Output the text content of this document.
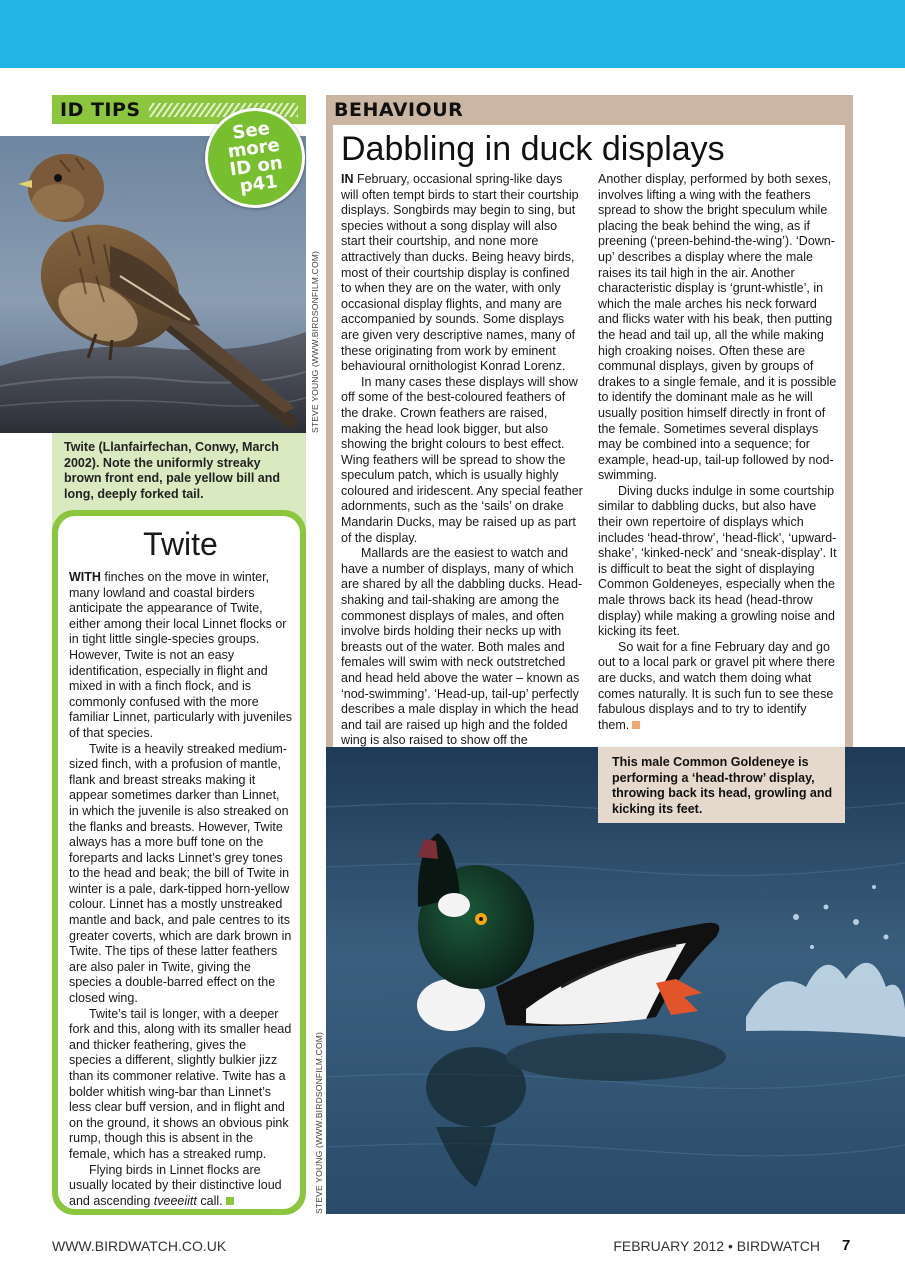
ID TIPS
See more ID on p41
STEVE YOUNG (WWW.BIRDSONFILM.COM)
Twite (Llanfairfechan, Conwy, March 2002). Note the uniformly streaky brown front end, pale yellow bill and long, deeply forked tail.
Twite

WITH finches on the move in winter, many lowland and coastal birders anticipate the appearance of Twite, either among their local Linnet flocks or in tight little single-species groups. However, Twite is not an easy identification, especially in flight and mixed in with a finch flock, and is commonly confused with the more familiar Linnet, particularly with juveniles of that species.

Twite is a heavily streaked medium-sized finch, with a profusion of mantle, flank and breast streaks making it appear sometimes darker than Linnet, in which the juvenile is also streaked on the flanks and breasts. However, Twite always has a more buff tone on the foreparts and lacks Linnet’s grey tones to the head and beak; the bill of Twite in winter is a pale, dark-tipped horn-yellow colour. Linnet has a mostly unstreaked mantle and back, and pale centres to its greater coverts, which are dark brown in Twite. The tips of these latter feathers are also paler in Twite, giving the species a double-barred effect on the closed wing.

Twite’s tail is longer, with a deeper fork and this, along with its smaller head and thicker feathering, gives the species a different, slightly bulkier jizz than its commoner relative. Twite has a bolder whitish wing-bar than Linnet’s less clear buff version, and in flight and on the ground, it shows an obvious pink rump, though this is absent in the female, which has a streaked rump.

Flying birds in Linnet flocks are usually located by their distinctive loud and ascending tveeeiitt call.

BEHAVIOUR
Dabbling in duck displays

IN February, occasional spring-like days will often tempt birds to start their courtship displays. Songbirds may begin to sing, but species without a song display will also start their courtship, and none more attractively than ducks. Being heavy birds, most of their courtship display is confined to when they are on the water, with only occasional display flights, and many are accompanied by sounds. Some displays are given very descriptive names, many of these originating from work by eminent behavioural ornithologist Konrad Lorenz.

In many cases these displays will show off some of the best-coloured feathers of the drake. Crown feathers are raised, making the head look bigger, but also showing the bright colours to best effect. Wing feathers will be spread to show the speculum patch, which is usually highly coloured and iridescent. Any special feather adornments, such as the ‘sails’ on drake Mandarin Ducks, may be raised up as part of the display.

Mallards are the easiest to watch and have a number of displays, many of which are shared by all the dabbling ducks. Head-shaking and tail-shaking are among the commonest displays of males, and often involve birds holding their necks up with breasts out of the water. Both males and females will swim with neck outstretched and head held above the water – known as ‘nod-swimming’. ‘Head-up, tail-up’ perfectly describes a male display in which the head and tail are raised up high and the folded wing is also raised to show off the

Another display, performed by both sexes, involves lifting a wing with the feathers spread to show the bright speculum while placing the beak behind the wing, as if preening (‘preen-behind-the-wing’). ‘Down-up’ describes a display where the male raises its tail high in the air. Another characteristic display is ‘grunt-whistle’, in which the male arches his neck forward and flicks water with his beak, then putting the head and tail up, all the while making high croaking noises. Often these are communal displays, given by groups of drakes to a single female, and it is possible to identify the dominant male as he will usually position himself directly in front of the female. Sometimes several displays may be combined into a sequence; for example, head-up, tail-up followed by nod-swimming.

Diving ducks indulge in some courtship similar to dabbling ducks, but also have their own repertoire of displays which includes ‘head-throw’, ‘head-flick’, ‘upward-shake’, ‘kinked-neck’ and ‘sneak-display’. It is difficult to beat the sight of displaying Common Goldeneyes, especially when the male throws back its head (head-throw display) while making a growling noise and kicking its feet.

So wait for a fine February day and go out to a local park or gravel pit where there are ducks, and watch them doing what comes naturally. It is such fun to see these fabulous displays and to try to identify them.

This male Common Goldeneye is performing a ‘head-throw’ display, throwing back its head, growling and kicking its feet.
STEVE YOUNG (WWW.BIRDSONFILM.COM)
WWW.BIRDWATCH.CO.UK	FEBRUARY 2012 • BIRDWATCH 7
